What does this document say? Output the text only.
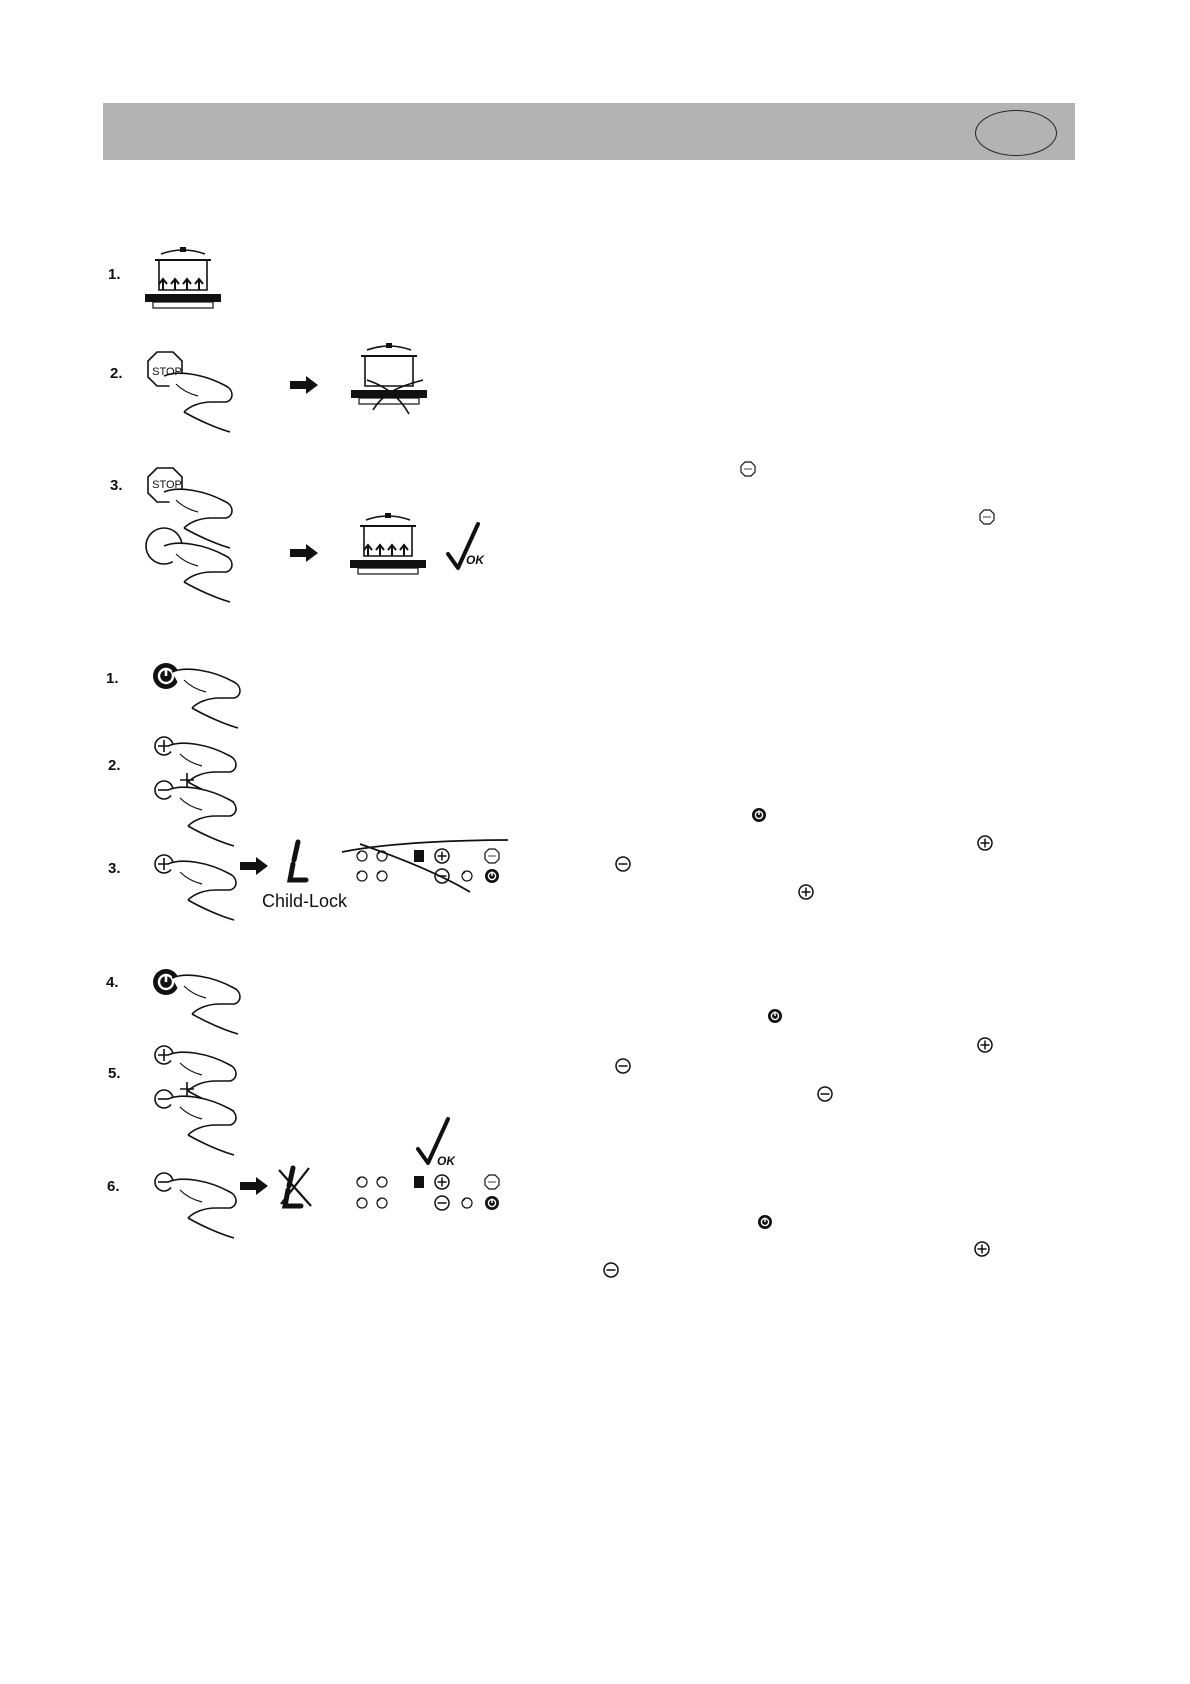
1.
2.	STOP
3.	STOP
OK
1.
2.
3.
Child-Lock
4.
5.
6.
OK
